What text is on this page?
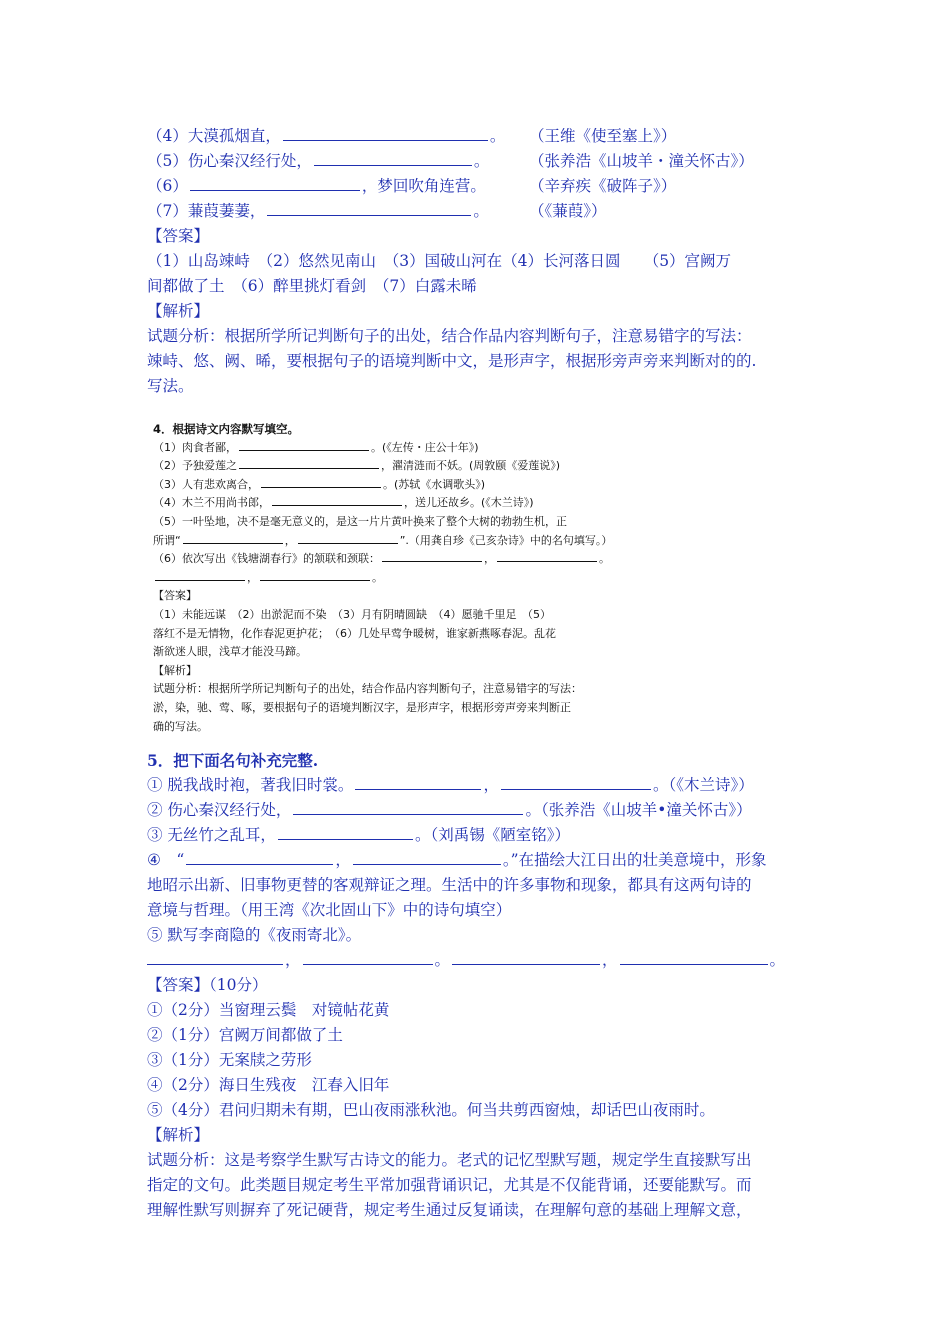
（4）大漠孤烟直，	。 （王维《使至塞上》）
（5）伤心秦汉经行处，	。	（张养浩《山坡羊・潼关怀古》）
（6）	，梦回吹角连营。	（辛弃疾《破阵子》）
（7）蒹葭萋萋，	。	（《蒹葭》）
【答案】
（1）山岛竦峙　（2）悠然见南山　（3）国破山河在（4）长河落日圆　　（5）宫阙万
间都做了土　（6）醉里挑灯看剑　（7）白露未晞
【解析】
试题分析：根据所学所记判断句子的出处，结合作品内容判断句子，注意易错字的写法：
竦峙、悠、阙、晞，要根据句子的语境判断中文，是形声字，根据形旁声旁来判断对的的.
写法。
4．根据诗文内容默写填空。
（1）肉食者鄙，	。(《左传・庄公十年》)
（2）予独爱莲之	，濯清涟而不妖。(周敦颐《爱莲说》)
（3）人有悲欢离合，	。(苏轼《水调歌头》)
（4）木兰不用尚书郎，	，送儿还故乡。(《木兰诗》)
（5）一叶坠地，决不是毫无意义的，是这一片片黄叶换来了整个大树的勃勃生机，正
所谓“	，	”.（用龚自珍《己亥杂诗》中的名句填写。）
（6）依次写出《钱塘湖春行》的颔联和颈联：	，	。
，	。
【答案】
（1）未能远谋　（2）出淤泥而不染　（3）月有阴晴圆缺　（4）愿驰千里足　（5）
落红不是无情物，化作春泥更护花；　（6）几处早莺争暖树，谁家新燕啄春泥。乱花
渐欲迷人眼，浅草才能没马蹄。
【解析】
试题分析：根据所学所记判断句子的出处，结合作品内容判断句子，注意易错字的写法：
淤，染，驰、莺、啄，要根据句子的语境判断汉字，是形声字，根据形旁声旁来判断正
确的写法。
5．把下面名句补充完整.
① 脱我战时袍，著我旧时裳。	，	。（《木兰诗》）
② 伤心秦汉经行处，	。（张养浩《山坡羊•潼关怀古》）
③ 无丝竹之乱耳，	。（刘禹锡《陋室铭》）
④　“	，	。”在描绘大江日出的壮美意境中，形象
地昭示出新、旧事物更替的客观辩证之理。生活中的许多事物和现象，都具有这两句诗的
意境与哲理。（用王湾《次北固山下》中的诗句填空）
⑤ 默写李商隐的《夜雨寄北》。
，	。	，	。
【答案】（10分）
①（2分）当窗理云鬓　对镜帖花黄
②（1分）宫阙万间都做了土
③（1分）无案牍之劳形
④（2分）海日生残夜　江春入旧年
⑤（4分）君问归期未有期，巴山夜雨涨秋池。何当共剪西窗烛，却话巴山夜雨时。
【解析】
试题分析：这是考察学生默写古诗文的能力。老式的记忆型默写题，规定学生直接默写出
指定的文句。此类题目规定考生平常加强背诵识记，尤其是不仅能背诵，还要能默写。而
理解性默写则摒弃了死记硬背，规定考生通过反复诵读，在理解句意的基础上理解文意，
